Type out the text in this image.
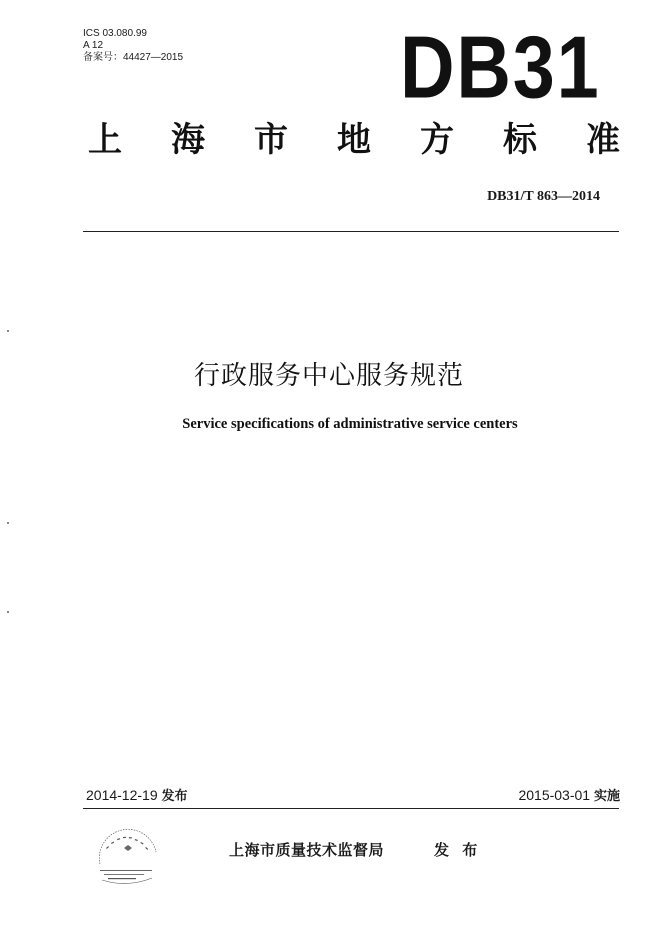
ICS 03.080.99
A 12
备案号：44427—2015	DB31
上 海 市 地 方 标 准
DB31/T 863—2014
行政服务中心服务规范
Service specifications of administrative service centers
2014-12-19 发布	2015-03-01 实施
上海市质量技术监督局	发 布
